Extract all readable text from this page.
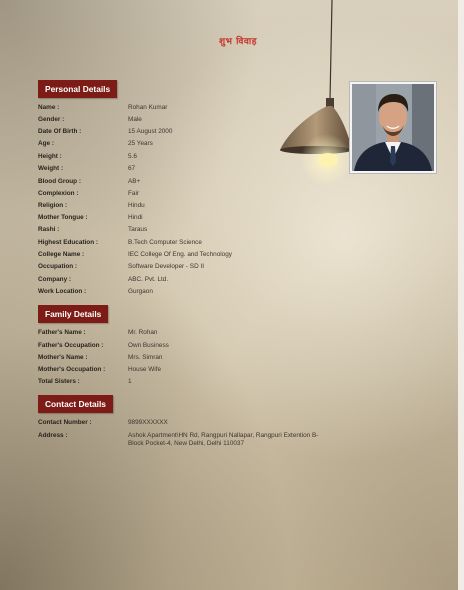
शुभ विवाह
Personal Details
Name :	Rohan Kumar
Gender :	Male
Date Of Birth :	15 August 2000
Age :	25 Years
Height :	5.6
Weight :	67
Blood Group :	AB+
Complexion :	Fair
Religion :	Hindu
Mother Tongue :	Hindi
Rashi :	Taraus
Highest Education :	B.Tech Computer Science
College Name :	IEC College Of Eng. and Technology
Occupation :	Software Developer - SD II
Company :	ABC. Pvt. Ltd.
Work Location :	Gurgaon
Family Details
Father's Name :	Mr. Rohan
Father's Occupation :	Own Business
Mother's Name :	Mrs. Simran
Mother's Occupation :	House Wife
Total Sisters :	1
Contact Details
Contact Number :	9899XXXXXX
Address :	Ashok Apartment\HN Rd, Rangpuri Nallapar, Rangpuri Extention B-Block Pocket-4, New Delhi, Delhi 110037
